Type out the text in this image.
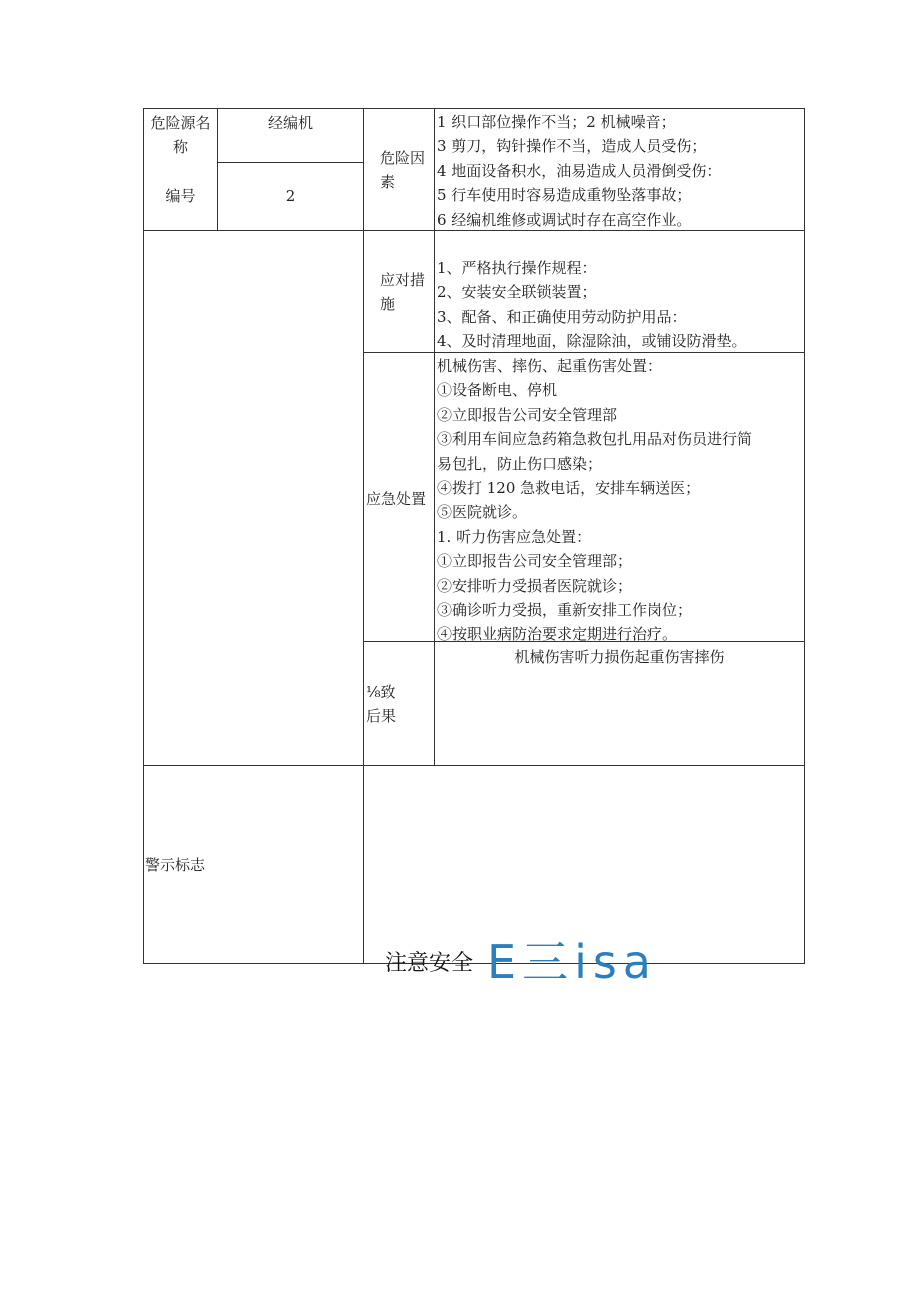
危险源名称
经编机
编号	2
危险因素
1 织口部位操作不当；2 机械噪音；
3 剪刀，钩针操作不当，造成人员受伤；
4 地面设备积水，油易造成人员滑倒受伤：
5 行车使用时容易造成重物坠落事故；
6 经编机维修或调试时存在高空作业。
应对措施
1、严格执行操作规程：
2、安装安全联锁装置；
3、配备、和正确使用劳动防护用品：
4、及时清理地面，除湿除油，或铺设防滑垫。
应急处置
机械伤害、摔伤、起重伤害处置：
①设备断电、停机
②立即报告公司安全管理部
③利用车间应急药箱急救包扎用品对伤员进行简
易包扎，防止伤口感染；
④拨打 120 急救电话，安排车辆送医；
⑤医院就诊。
1. 听力伤害应急处置：
①立即报告公司安全管理部；
②安排听力受损者医院就诊；
③确诊听力受损，重新安排工作岗位；
④按职业病防治要求定期进行治疗。
⅛致
后果
机械伤害听力损伤起重伤害摔伤
警示标志
注意安全 E三isa
